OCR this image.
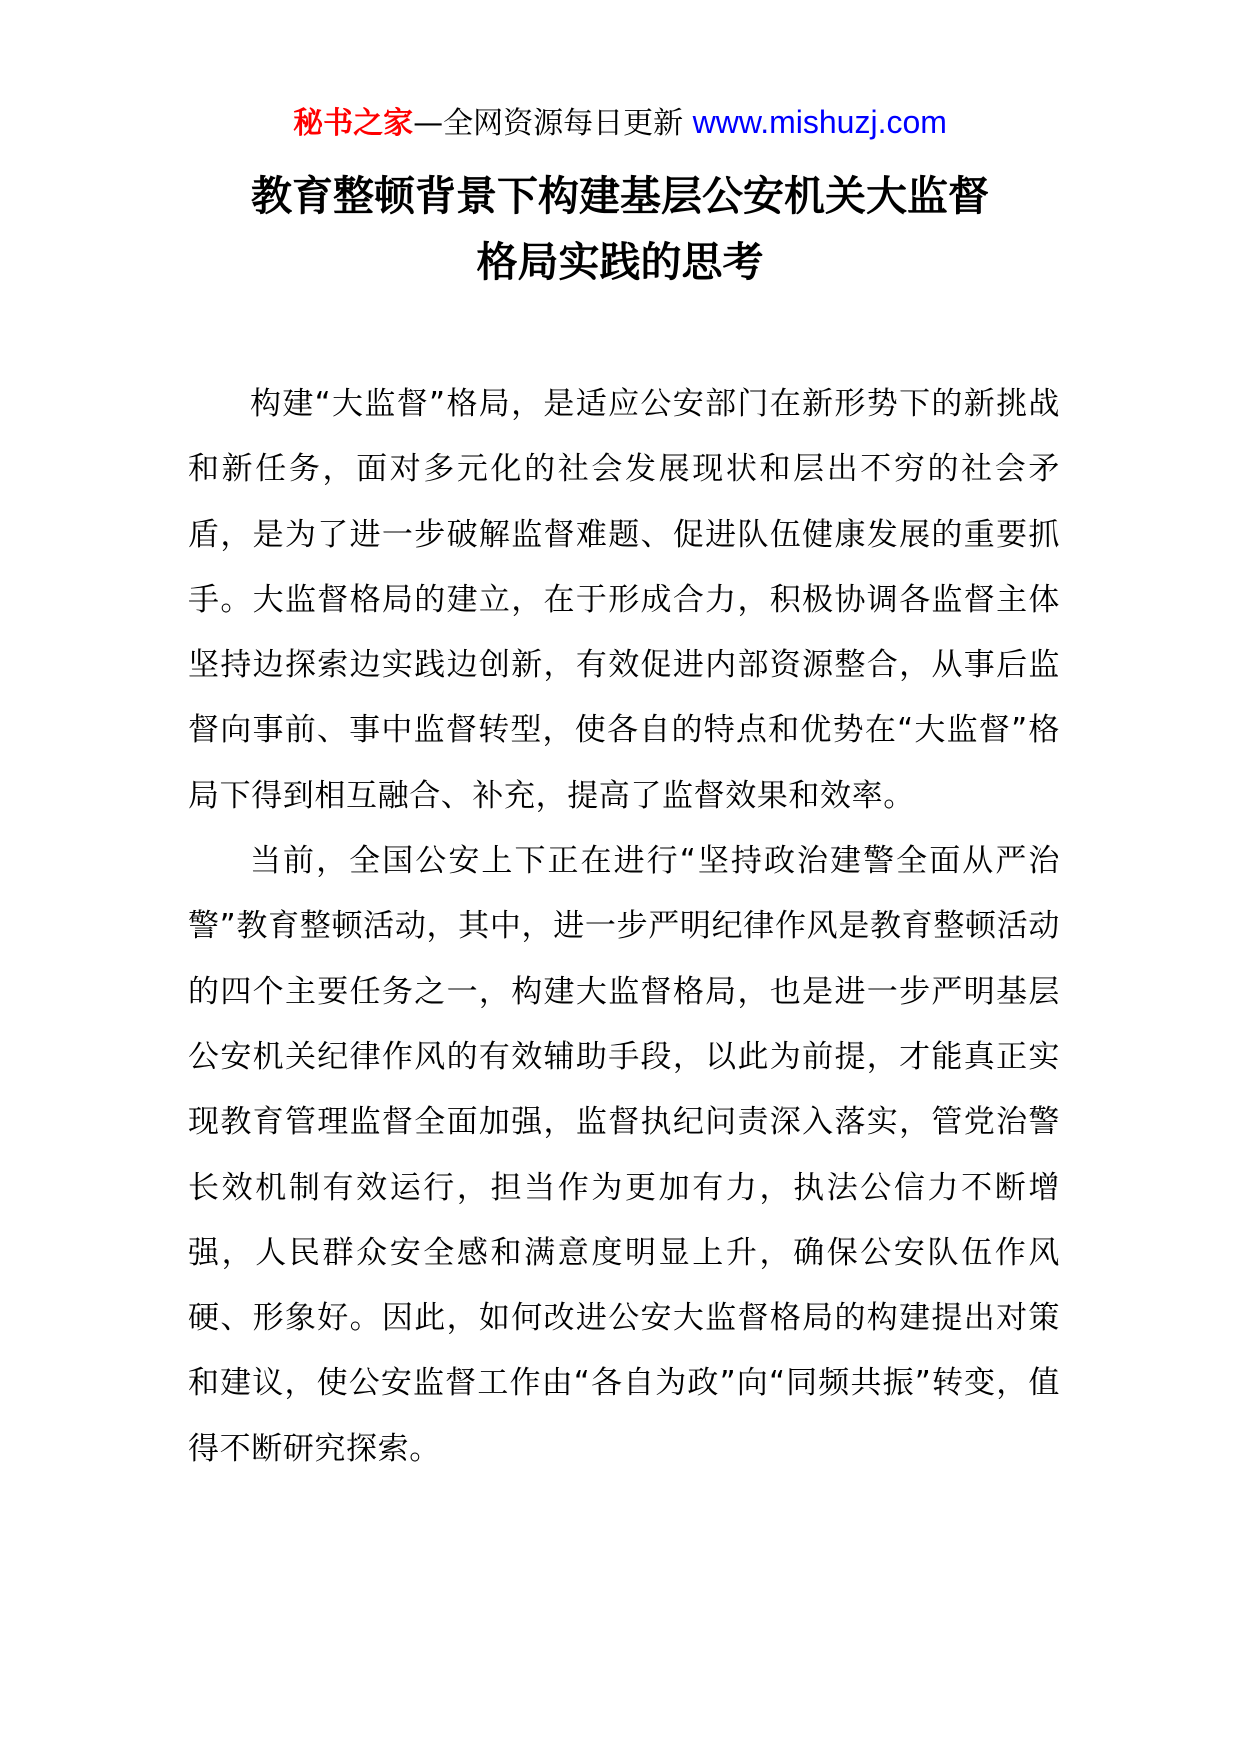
秘书之家—全网资源每日更新 www.mishuzj.com
教育整顿背景下构建基层公安机关大监督
格局实践的思考

构建“大监督”格局，是适应公安部门在新形势下的新挑战和新任务，面对多元化的社会发展现状和层出不穷的社会矛盾，是为了进一步破解监督难题、促进队伍健康发展的重要抓手。大监督格局的建立，在于形成合力，积极协调各监督主体坚持边探索边实践边创新，有效促进内部资源整合，从事后监督向事前、事中监督转型，使各自的特点和优势在“大监督”格局下得到相互融合、补充，提高了监督效果和效率。

当前，全国公安上下正在进行“坚持政治建警全面从严治警”教育整顿活动，其中，进一步严明纪律作风是教育整顿活动的四个主要任务之一，构建大监督格局，也是进一步严明基层公安机关纪律作风的有效辅助手段，以此为前提，才能真正实现教育管理监督全面加强，监督执纪问责深入落实，管党治警长效机制有效运行，担当作为更加有力，执法公信力不断增强，人民群众安全感和满意度明显上升，确保公安队伍作风硬、形象好。因此，如何改进公安大监督格局的构建提出对策和建议，使公安监督工作由“各自为政”向“同频共振”转变，值得不断研究探索。
